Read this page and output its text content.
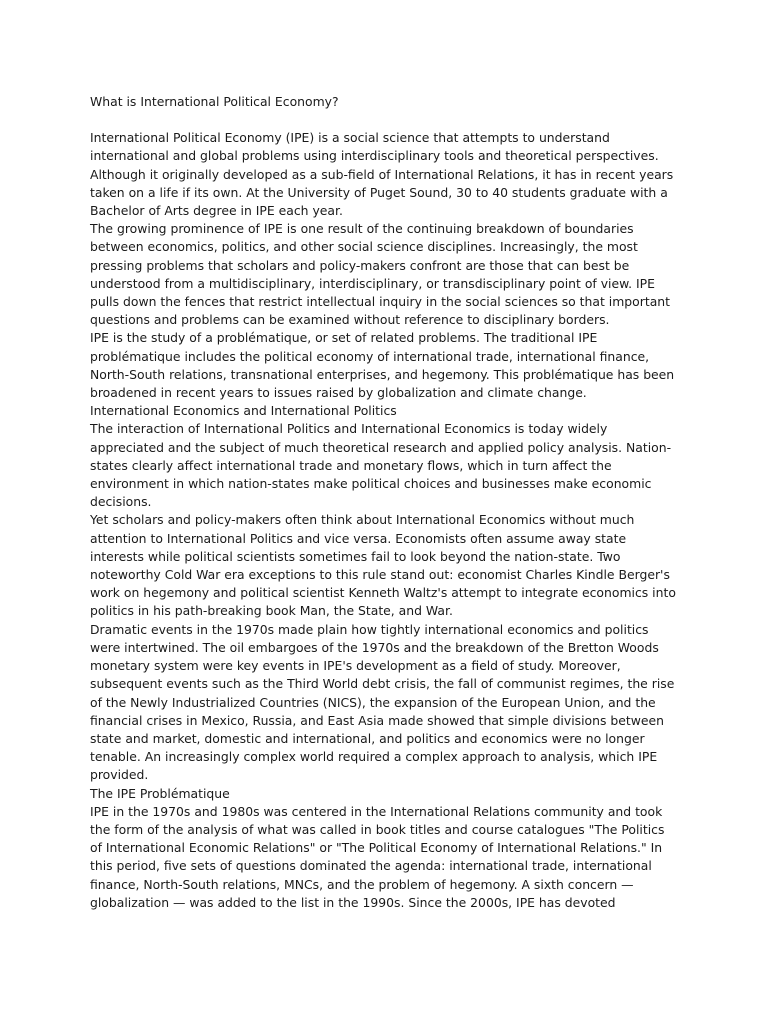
What is International Political Economy?

International Political Economy (IPE) is a social science that attempts to understand international and global problems using interdisciplinary tools and theoretical perspectives. Although it originally developed as a sub-field of International Relations, it has in recent years taken on a life if its own. At the University of Puget Sound, 30 to 40 students graduate with a Bachelor of Arts degree in IPE each year.

The growing prominence of IPE is one result of the continuing breakdown of boundaries between economics, politics, and other social science disciplines. Increasingly, the most pressing problems that scholars and policy-makers confront are those that can best be understood from a multidisciplinary, interdisciplinary, or transdisciplinary point of view. IPE pulls down the fences that restrict intellectual inquiry in the social sciences so that important questions and problems can be examined without reference to disciplinary borders.

IPE is the study of a problématique, or set of related problems. The traditional IPE problématique includes the political economy of international trade, international finance, North-South relations, transnational enterprises, and hegemony. This problématique has been broadened in recent years to issues raised by globalization and climate change.

International Economics and International Politics

The interaction of International Politics and International Economics is today widely appreciated and the subject of much theoretical research and applied policy analysis. Nation-states clearly affect international trade and monetary flows, which in turn affect the environment in which nation-states make political choices and businesses make economic decisions.

Yet scholars and policy-makers often think about International Economics without much attention to International Politics and vice versa. Economists often assume away state interests while political scientists sometimes fail to look beyond the nation-state. Two noteworthy Cold War era exceptions to this rule stand out: economist Charles Kindle Berger's work on hegemony and political scientist Kenneth Waltz's attempt to integrate economics into politics in his path-breaking book Man, the State, and War.

Dramatic events in the 1970s made plain how tightly international economics and politics were intertwined. The oil embargoes of the 1970s and the breakdown of the Bretton Woods monetary system were key events in IPE's development as a field of study. Moreover, subsequent events such as the Third World debt crisis, the fall of communist regimes, the rise of the Newly Industrialized Countries (NICS), the expansion of the European Union, and the financial crises in Mexico, Russia, and East Asia made showed that simple divisions between state and market, domestic and international, and politics and economics were no longer tenable. An increasingly complex world required a complex approach to analysis, which IPE provided.

The IPE Problématique

IPE in the 1970s and 1980s was centered in the International Relations community and took the form of the analysis of what was called in book titles and course catalogues "The Politics of International Economic Relations" or "The Political Economy of International Relations." In this period, five sets of questions dominated the agenda: international trade, international finance, North-South relations, MNCs, and the problem of hegemony. A sixth concern — globalization — was added to the list in the 1990s. Since the 2000s, IPE has devoted
